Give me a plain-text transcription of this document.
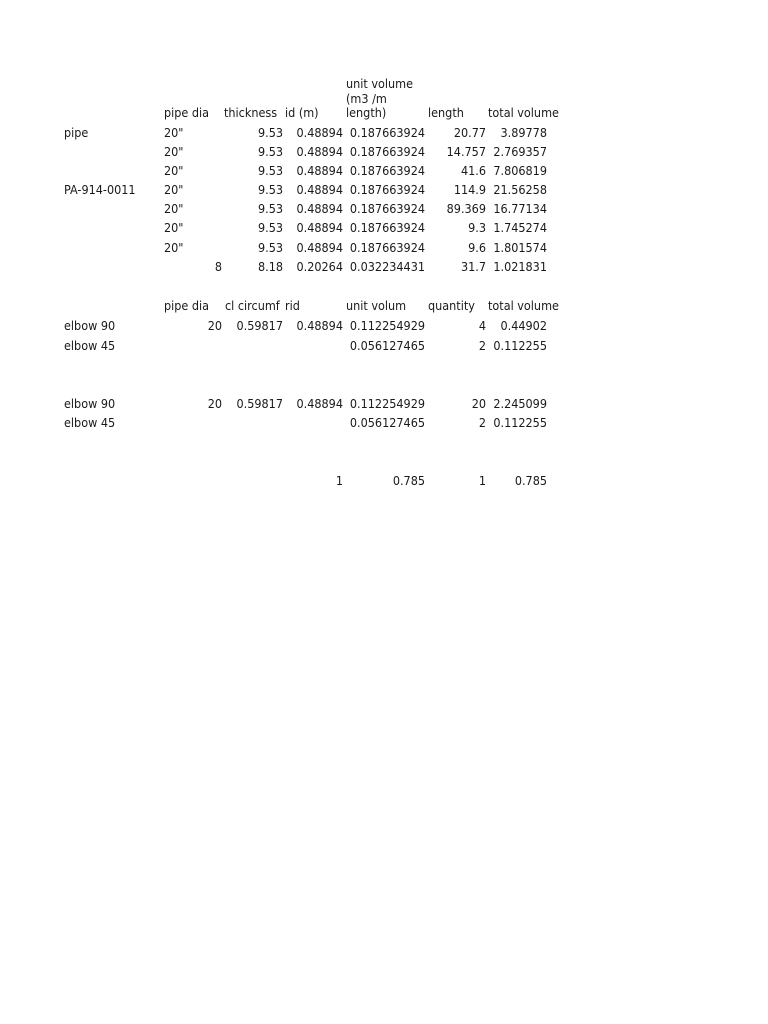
unit volume
(m3 /m
length)
pipe dia thickness id (m)	length total volume
pipe	20"	9.53 0.48894 0.187663924 20.77 3.89778
20"	9.53 0.48894 0.187663924 14.757 2.769357
20"	9.53 0.48894 0.187663924	41.6 7.806819
PA-914-0011 20"	9.53 0.48894 0.187663924 114.9 21.56258
20"	9.53 0.48894 0.187663924 89.369 16.77134
20"	9.53 0.48894 0.187663924	9.3 1.745274
20"	9.53 0.48894 0.187663924	9.6 1.801574
8	8.18 0.20264 0.032234431	31.7 1.021831
pipe dia cl circumf rid	unit volum quantity total volume
elbow 90	20 0.59817 0.48894 0.112254929	4 0.44902
elbow 45	0.056127465	2 0.112255
elbow 90	20 0.59817 0.48894 0.112254929	20 2.245099
elbow 45	0.056127465	2 0.112255
1	0.785	1 0.785
